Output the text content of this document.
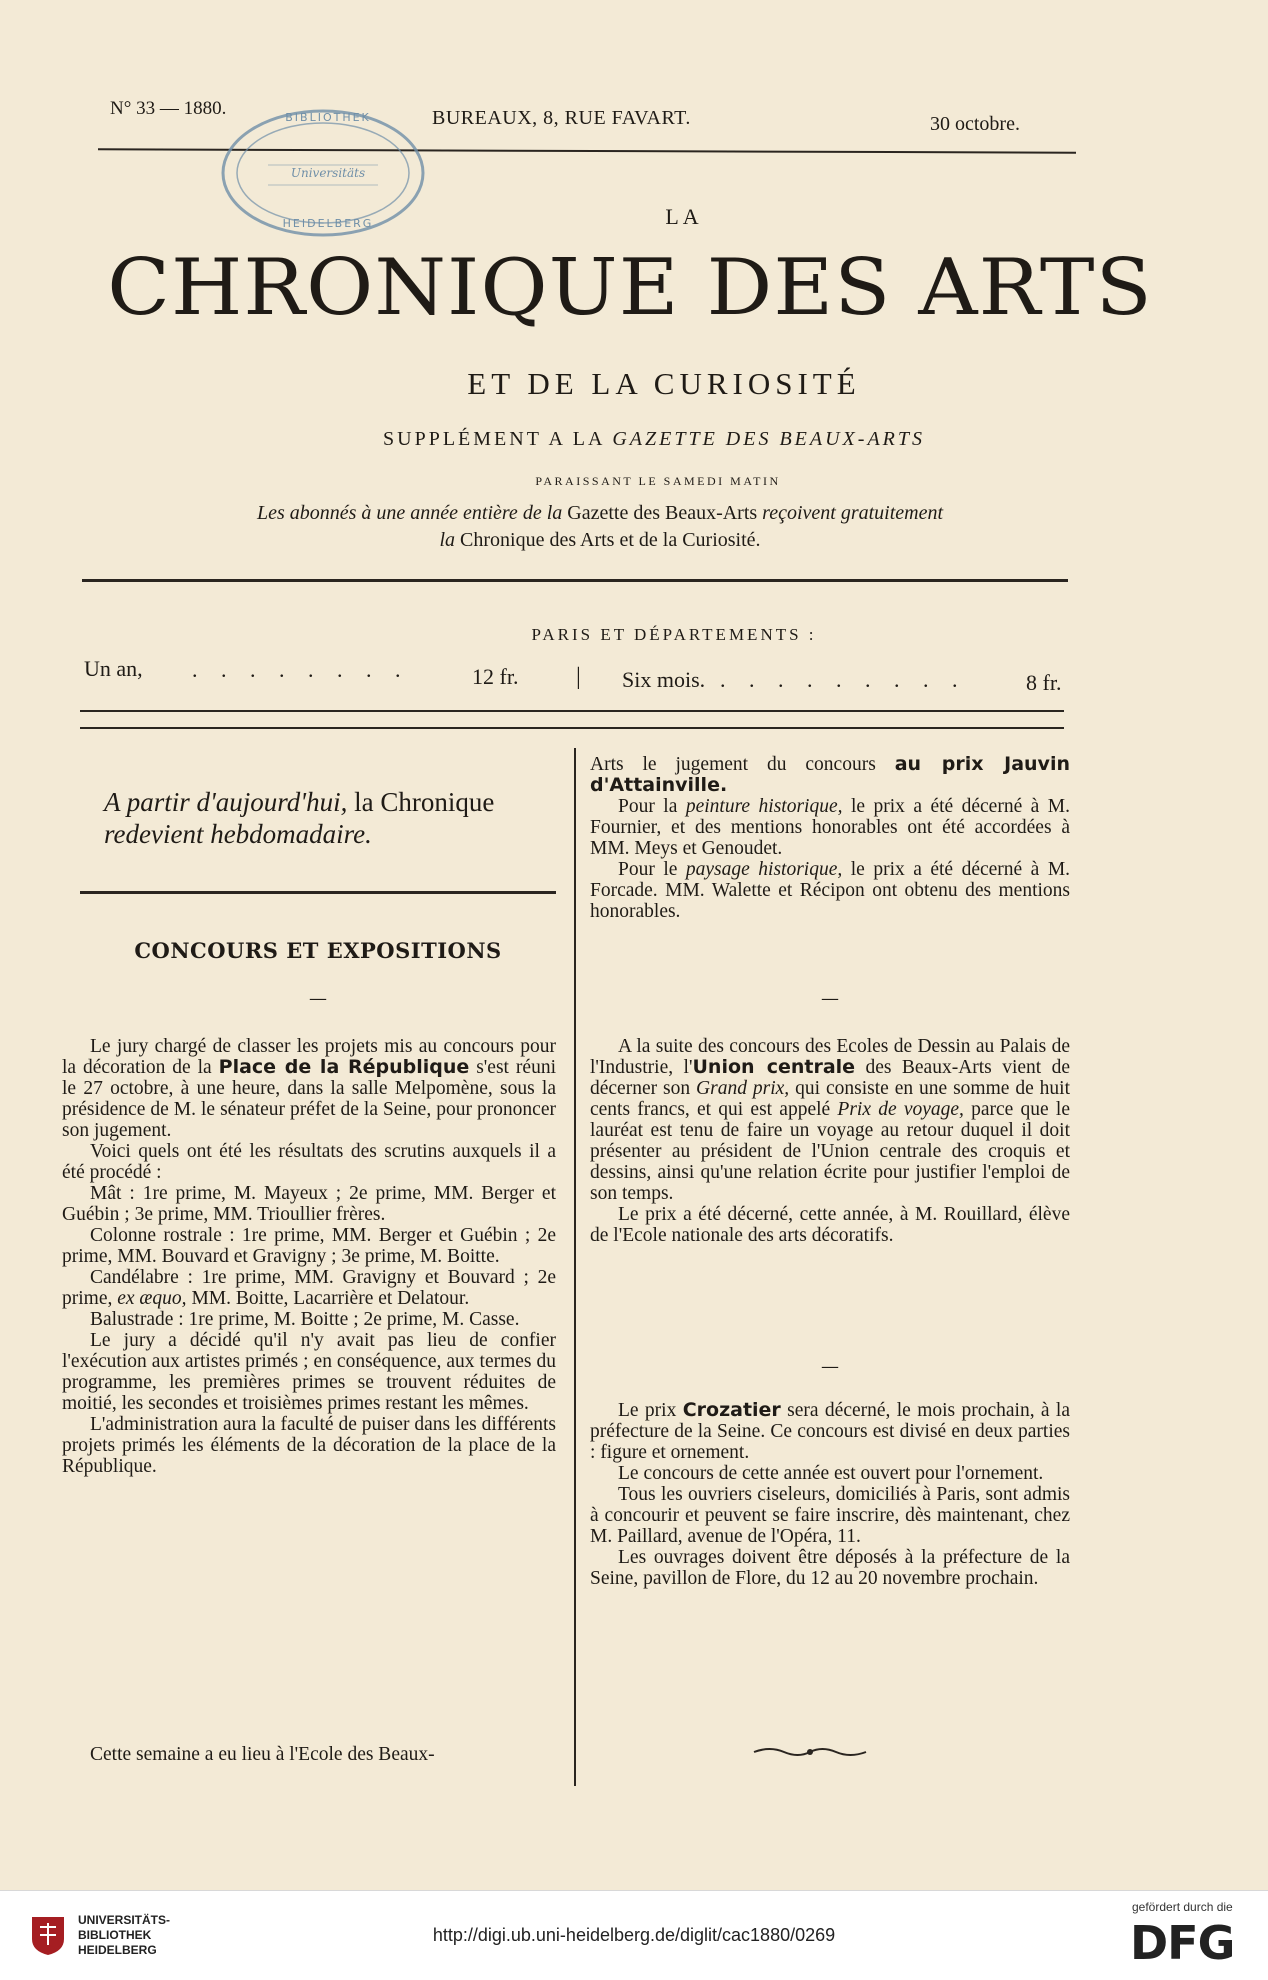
N° 33 — 1880.	BUREAUX, 8, RUE FAVART.	30 octobre.
BIBLIOTHEK
Universitäts
HEIDELBERG	LA
CHRONIQUE DES ARTS
ET DE LA CURIOSITÉ
SUPPLÉMENT A LA GAZETTE DES BEAUX-ARTS
PARAISSANT LE SAMEDI MATIN
Les abonnés à une année entière de la Gazette des Beaux-Arts reçoivent gratuitement
la Chronique des Arts et de la Curiosité.
PARIS ET DÉPARTEMENTS :
Un an, . . . . . . . .	12 fr. | Six mois. . . . . . . . . .	8 fr.
A partir d'aujourd'hui, la Chronique
redevient hebdomadaire.
CONCOURS ET EXPOSITIONS
—

Le jury chargé de classer les projets mis au concours pour la décoration de la Place de la République s'est réuni le 27 octobre, à une heure, dans la salle Melpomène, sous la présidence de M. le sénateur préfet de la Seine, pour prononcer son jugement.

Voici quels ont été les résultats des scrutins auxquels il a été procédé :

Mât : 1re prime, M. Mayeux ; 2e prime, MM. Berger et Guébin ; 3e prime, MM. Trioullier frères.

Colonne rostrale : 1re prime, MM. Berger et Guébin ; 2e prime, MM. Bouvard et Gravigny ; 3e prime, M. Boitte.

Candélabre : 1re prime, MM. Gravigny et Bouvard ; 2e prime, ex æquo, MM. Boitte, Lacarrière et Delatour.

Balustrade : 1re prime, M. Boitte ; 2e prime, M. Casse.

Le jury a décidé qu'il n'y avait pas lieu de confier l'exécution aux artistes primés ; en conséquence, aux termes du programme, les premières primes se trouvent réduites de moitié, les secondes et troisièmes primes restant les mêmes.

L'administration aura la faculté de puiser dans les différents projets primés les éléments de la décoration de la place de la République.

Cette semaine a eu lieu à l'Ecole des Beaux-

Arts le jugement du concours au prix Jauvin d'Attainville.

Pour la peinture historique, le prix a été décerné à M. Fournier, et des mentions honorables ont été accordées à MM. Meys et Genoudet.

Pour le paysage historique, le prix a été décerné à M. Forcade. MM. Walette et Récipon ont obtenu des mentions honorables.

—

A la suite des concours des Ecoles de Dessin au Palais de l'Industrie, l'Union centrale des Beaux-Arts vient de décerner son Grand prix, qui consiste en une somme de huit cents francs, et qui est appelé Prix de voyage, parce que le lauréat est tenu de faire un voyage au retour duquel il doit présenter au président de l'Union centrale des croquis et dessins, ainsi qu'une relation écrite pour justifier l'emploi de son temps.

Le prix a été décerné, cette année, à M. Rouillard, élève de l'Ecole nationale des arts décoratifs.

—

Le prix Crozatier sera décerné, le mois prochain, à la préfecture de la Seine. Ce concours est divisé en deux parties : figure et ornement.

Le concours de cette année est ouvert pour l'ornement.

Tous les ouvriers ciseleurs, domiciliés à Paris, sont admis à concourir et peuvent se faire inscrire, dès maintenant, chez M. Paillard, avenue de l'Opéra, 11.

Les ouvrages doivent être déposés à la préfecture de la Seine, pavillon de Flore, du 12 au 20 novembre prochain.

UNIVERSITÄTS-
BIBLIOTHEK
HEIDELBERG
http://digi.ub.uni-heidelberg.de/diglit/cac1880/0269
gefördert durch die
DFG
